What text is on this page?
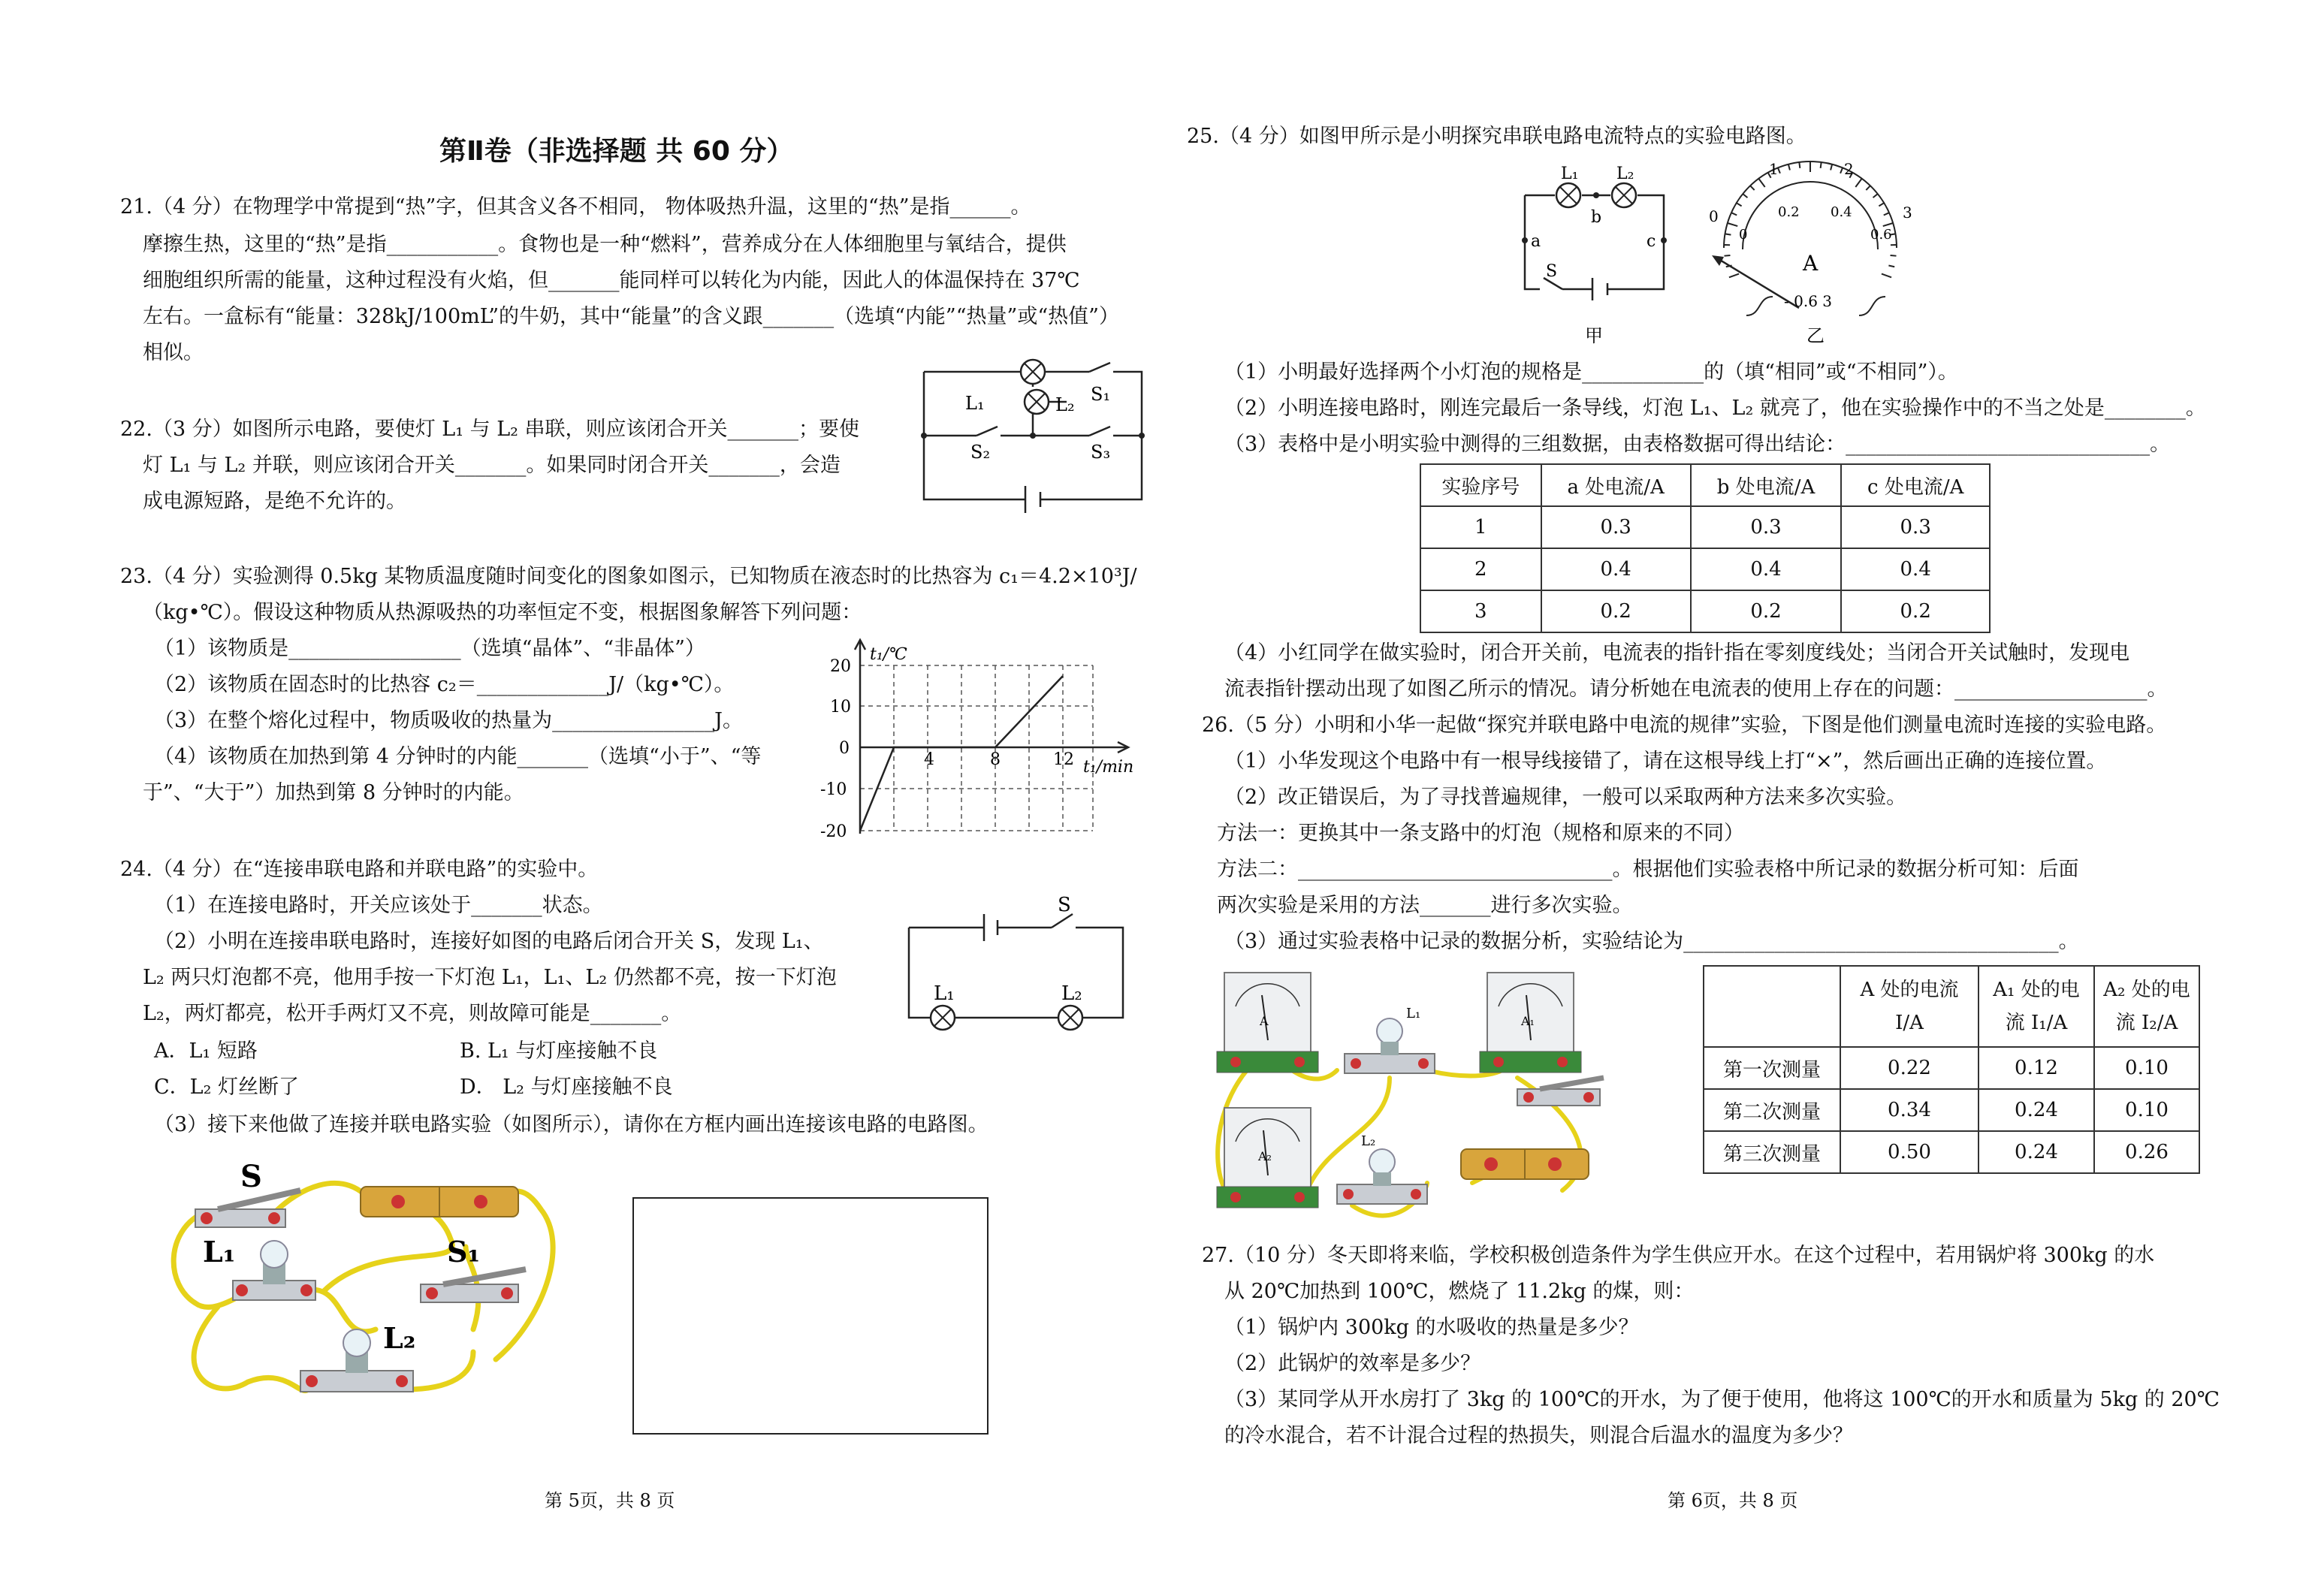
第Ⅱ卷（非选择题 共 60 分）
21.（4 分）在物理学中常提到“热”字，但其含义各不相同， 物体吸热升温，这里的“热”是指______。
摩擦生热，这里的“热”是指___________。食物也是一种“燃料”，营养成分在人体细胞里与氧结合，提供
细胞组织所需的能量，这种过程没有火焰，但_______能同样可以转化为内能，因此人的体温保持在 37℃
左右。一盒标有“能量：328kJ/100mL”的牛奶，其中“能量”的含义跟_______（选填“内能”“热量”或“热值”）
相似。
22.（3 分）如图所示电路，要使灯 L₁ 与 L₂ 串联，则应该闭合开关_______；要使
灯 L₁ 与 L₂ 并联，则应该闭合开关_______。如果同时闭合开关_______，会造
成电源短路，是绝不允许的。
L₁	L₂ S₁
S₂	S₃
23.（4 分）实验测得 0.5kg 某物质温度随时间变化的图象如图示，已知物质在液态时的比热容为 c₁＝4.2×10³J/
（kg•℃）。假设这种物质从热源吸热的功率恒定不变，根据图象解答下列问题：
（1）该物质是_________________（选填“晶体”、“非晶体”）
（2）该物质在固态时的比热容 c₂＝_____________J/（kg•℃）。
（3）在整个熔化过程中，物质吸收的热量为________________J。
（4）该物质在加热到第 4 分钟时的内能_______（选填“小于”、“等
于”、“大于”）加热到第 8 分钟时的内能。
t₁/℃
t₁/min
20
10
0
-10
-20
4	8	12
24.（4 分）在“连接串联电路和并联电路”的实验中。
（1）在连接电路时，开关应该处于_______状态。
（2）小明在连接串联电路时，连接好如图的电路后闭合开关 S，发现 L₁、
L₂ 两只灯泡都不亮，他用手按一下灯泡 L₁，L₁、L₂ 仍然都不亮，按一下灯泡
L₂，两灯都亮，松开手两灯又不亮，则故障可能是_______。
A．L₁ 短路	B. L₁ 与灯座接触不良
C．L₂ 灯丝断了	D． L₂ 与灯座接触不良
（3）接下来他做了连接并联电路实验（如图所示），请你在方框内画出连接该电路的电路图。
S
L₁	L₂
S
L₁	S₁
L₂
第 5页，共 8 页
25.（4 分）如图甲所示是小明探究串联电路电流特点的实验电路图。
L₁ L₂
a
b
c
S
甲
0
1	2
3
0
0.2 0.4
0.6
A
- 0.6 3
乙
（1）小明最好选择两个小灯泡的规格是____________的（填“相同”或“不相同”）。
（2）小明连接电路时，刚连完最后一条导线，灯泡 L₁、L₂ 就亮了，他在实验操作中的不当之处是________。
（3）表格中是小明实验中测得的三组数据，由表格数据可得出结论：______________________________。
实验序号	a 处电流/A	b 处电流/A	c 处电流/A
1	0.3	0.3	0.3
2	0.4	0.4	0.4
3	0.2	0.2	0.2
（4）小红同学在做实验时，闭合开关前，电流表的指针指在零刻度线处；当闭合开关试触时，发现电
流表指针摆动出现了如图乙所示的情况。请分析她在电流表的使用上存在的问题：___________________。
26.（5 分）小明和小华一起做“探究并联电路中电流的规律”实验，下图是他们测量电流时连接的实验电路。
（1）小华发现这个电路中有一根导线接错了，请在这根导线上打“×”，然后画出正确的连接位置。
（2）改正错误后，为了寻找普遍规律，一般可以采取两种方法来多次实验。
方法一：更换其中一条支路中的灯泡（规格和原来的不同）
方法二：_______________________________。根据他们实验表格中所记录的数据分析可知：后面
两次实验是采用的方法_______进行多次实验。
（3）通过实验表格中记录的数据分析，实验结论为_____________________________________。
A	A₁
A₂
L₁
L₂
	A 处的电流 I/A	A₁ 处的电流 I₁/A	A₂ 处的电流 I₂/A
第一次测量	0.22	0.12	0.10
第二次测量	0.34	0.24	0.10
第三次测量	0.50	0.24	0.26
27.（10 分）冬天即将来临，学校积极创造条件为学生供应开水。在这个过程中，若用锅炉将 300kg 的水
从 20℃加热到 100℃，燃烧了 11.2kg 的煤，则：
（1）锅炉内 300kg 的水吸收的热量是多少？
（2）此锅炉的效率是多少？
（3）某同学从开水房打了 3kg 的 100℃的开水，为了便于使用，他将这 100℃的开水和质量为 5kg 的 20℃
的冷水混合，若不计混合过程的热损失，则混合后温水的温度为多少？
第 6页，共 8 页
